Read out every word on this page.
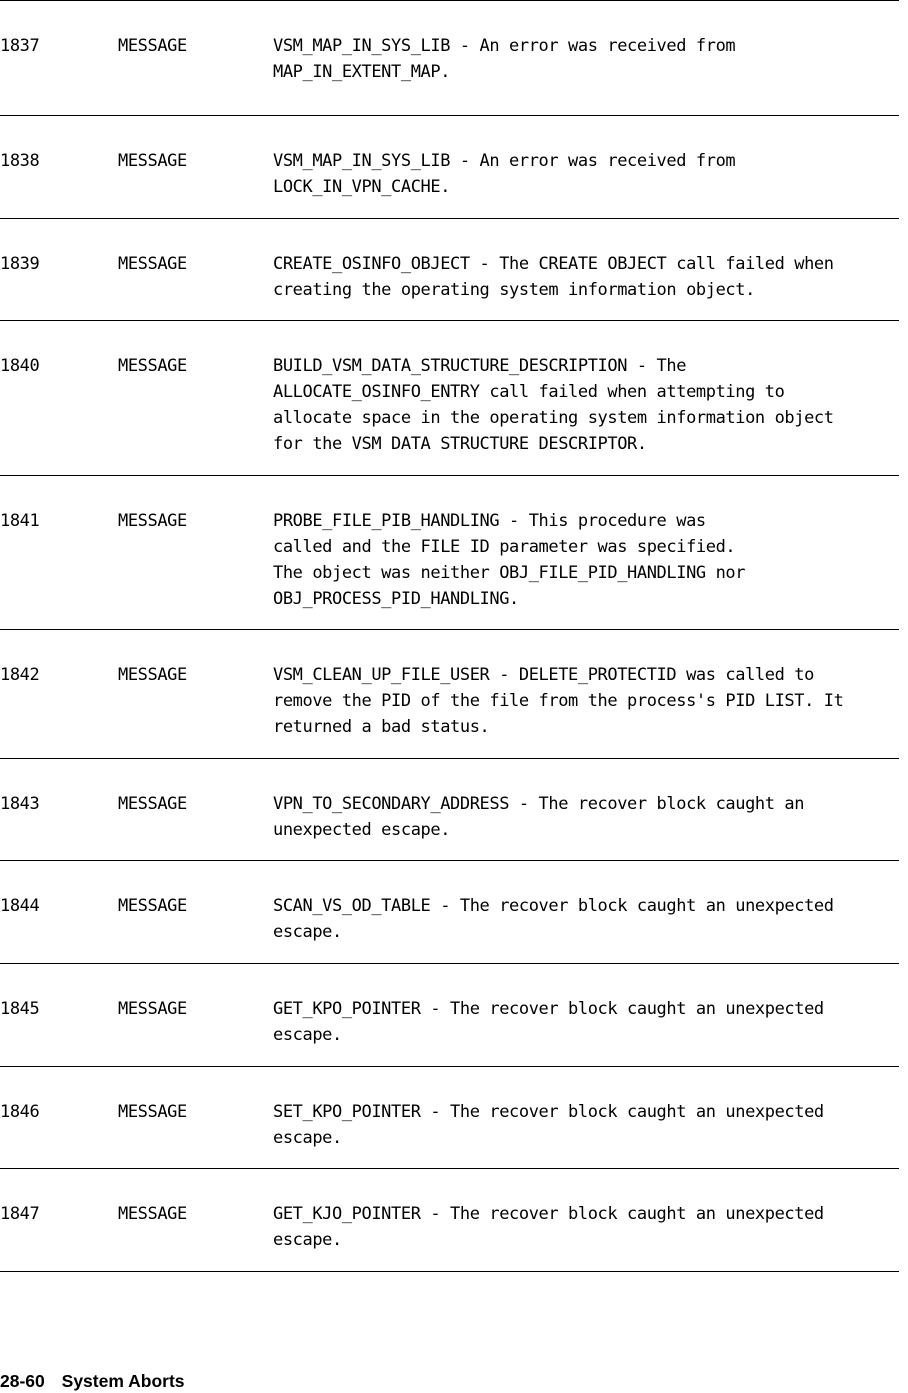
1837	MESSAGE	VSM_MAP_IN_SYS_LIB - An error was received from
MAP_IN_EXTENT_MAP.
1838	MESSAGE	VSM_MAP_IN_SYS_LIB - An error was received from
LOCK_IN_VPN_CACHE.
1839	MESSAGE	CREATE_OSINFO_OBJECT - The CREATE OBJECT call failed when
creating the operating system information object.
1840	MESSAGE	BUILD_VSM_DATA_STRUCTURE_DESCRIPTION - The
ALLOCATE_OSINFO_ENTRY call failed when attempting to
allocate space in the operating system information object
for the VSM DATA STRUCTURE DESCRIPTOR.
1841	MESSAGE	PROBE_FILE_PIB_HANDLING - This procedure was
called and the FILE ID parameter was specified.
The object was neither OBJ_FILE_PID_HANDLING nor
OBJ_PROCESS_PID_HANDLING.
1842	MESSAGE	VSM_CLEAN_UP_FILE_USER - DELETE_PROTECTID was called to
remove the PID of the file from the process's PID LIST. It
returned a bad status.
1843	MESSAGE	VPN_TO_SECONDARY_ADDRESS - The recover block caught an
unexpected escape.
1844	MESSAGE	SCAN_VS_OD_TABLE - The recover block caught an unexpected
escape.
1845	MESSAGE	GET_KPO_POINTER - The recover block caught an unexpected
escape.
1846	MESSAGE	SET_KPO_POINTER - The recover block caught an unexpected
escape.
1847	MESSAGE	GET_KJO_POINTER - The recover block caught an unexpected
escape.
28-60 System Aborts
